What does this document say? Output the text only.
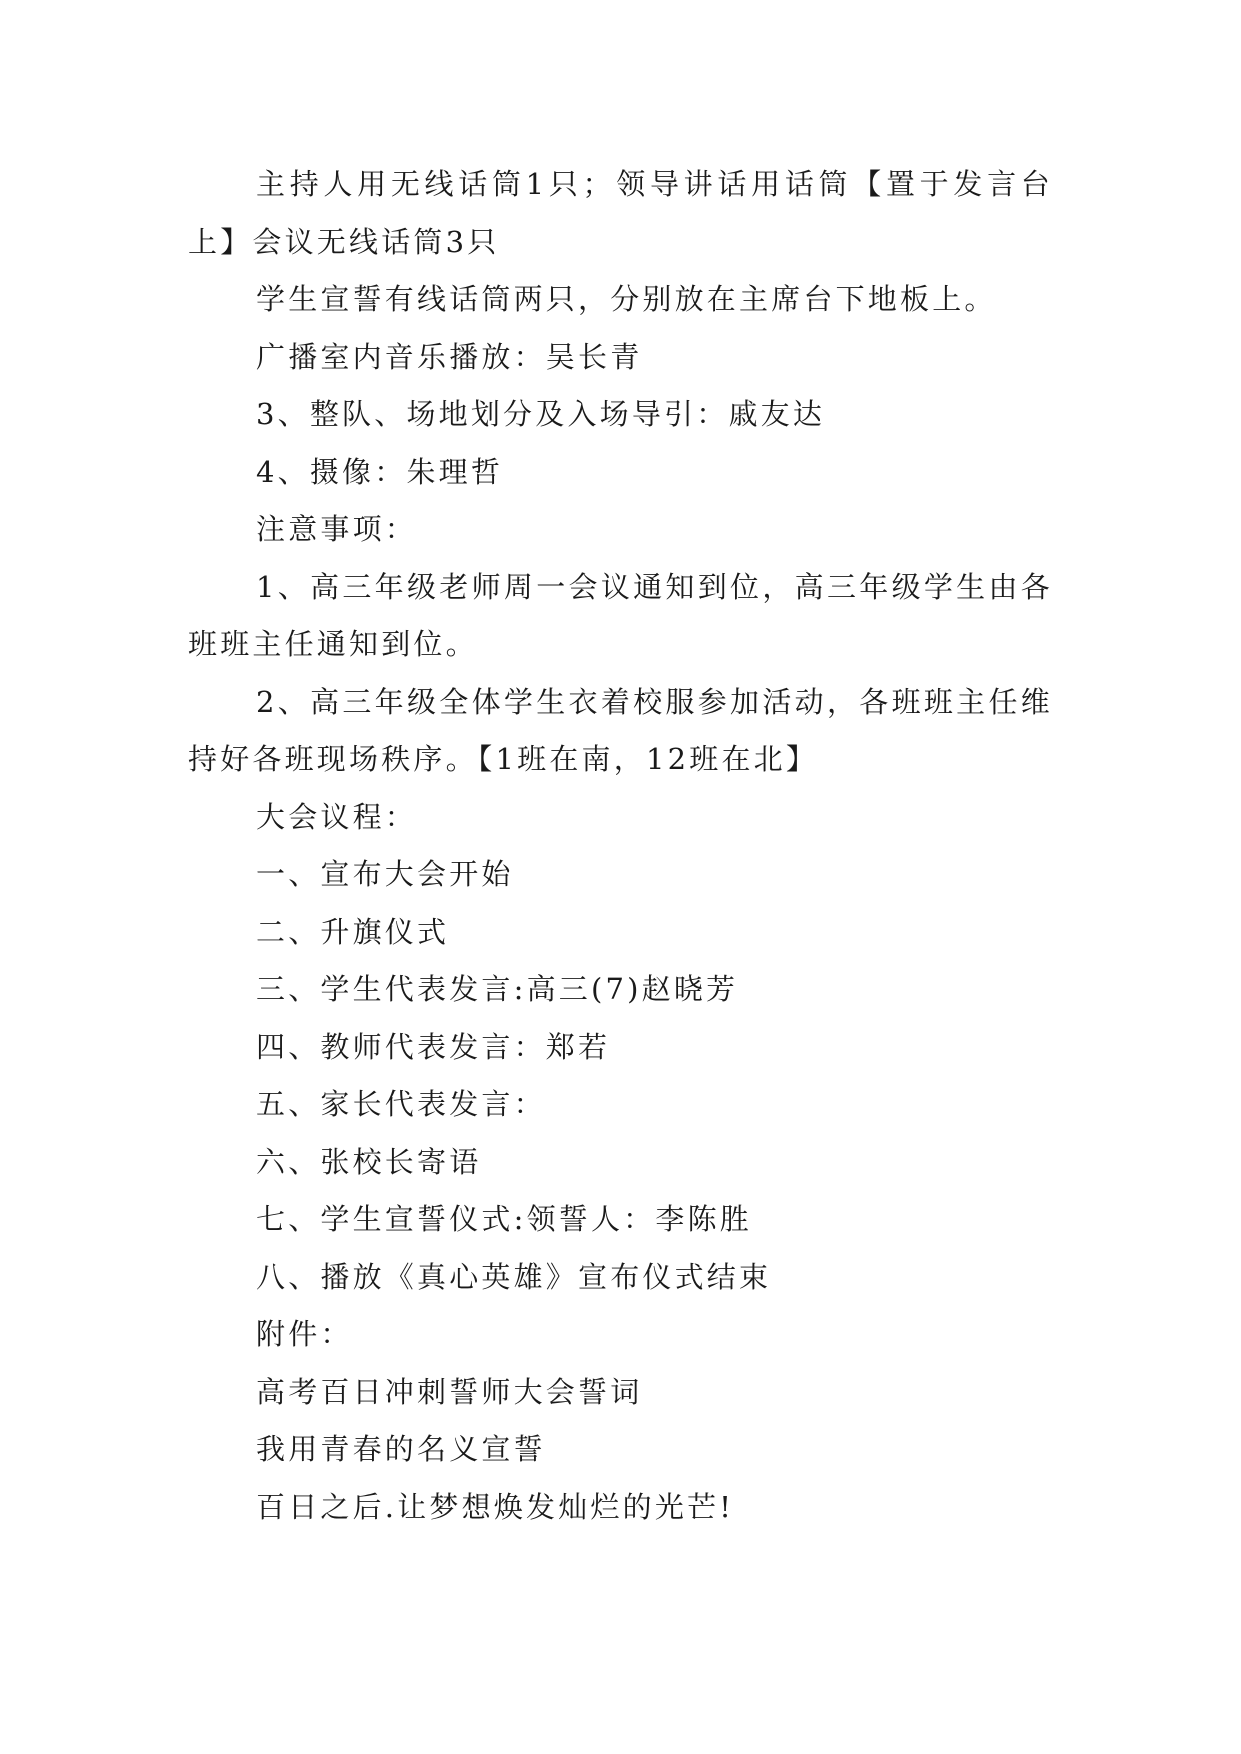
主持人用无线话筒1只；领导讲话用话筒【置于发言台上】会议无线话筒3只

学生宣誓有线话筒两只，分别放在主席台下地板上。

广播室内音乐播放：吴长青

3、整队、场地划分及入场导引：戚友达

4、摄像：朱理哲

注意事项：

1、高三年级老师周一会议通知到位，高三年级学生由各班班主任通知到位。

2、高三年级全体学生衣着校服参加活动，各班班主任维持好各班现场秩序。【1班在南，12班在北】

大会议程：

一、宣布大会开始

二、升旗仪式

三、学生代表发言:高三(7)赵晓芳

四、教师代表发言：郑若

五、家长代表发言：

六、张校长寄语

七、学生宣誓仪式:领誓人：李陈胜

八、播放《真心英雄》宣布仪式结束

附件：

高考百日冲刺誓师大会誓词

我用青春的名义宣誓

百日之后.让梦想焕发灿烂的光芒!
